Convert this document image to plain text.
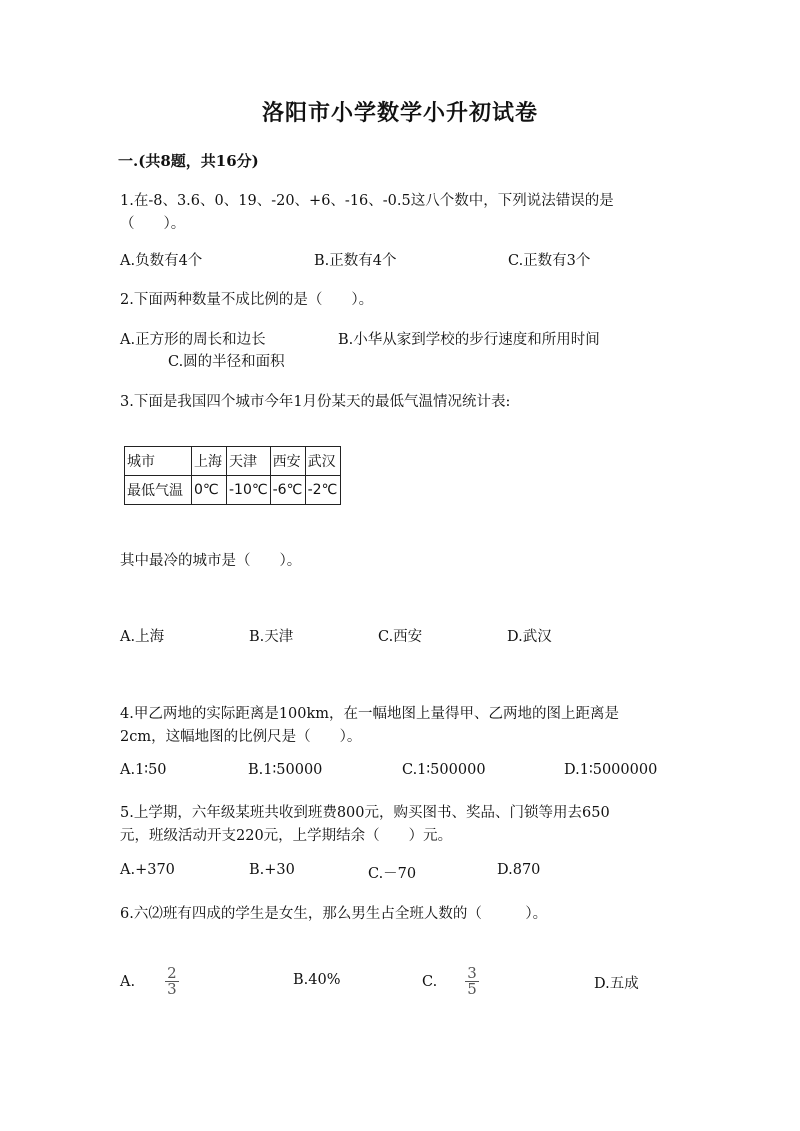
洛阳市小学数学小升初试卷
一.(共8题，共16分)
1.在-8、3.6、0、19、-20、+6、-16、-0.5这八个数中，下列说法错误的是
（　　）。
A.负数有4个	B.正数有4个	C.正数有3个
2.下面两种数量不成比例的是（　　）。
A.正方形的周长和边长	B.小华从家到学校的步行速度和所用时间
C.圆的半径和面积
3.下面是我国四个城市今年1月份某天的最低气温情况统计表:
城市	上海	天津	西安	武汉
最低气温	0℃	-10℃	-6℃	-2℃
其中最冷的城市是（　　）。
A.上海	B.天津	C.西安	D.武汉
4.甲乙两地的实际距离是100km，在一幅地图上量得甲、乙两地的图上距离是
2cm，这幅地图的比例尺是（　　）。
A.1∶50	B.1∶50000	C.1∶500000	D.1∶5000000
5.上学期，六年级某班共收到班费800元，购买图书、奖品、门锁等用去650
元，班级活动开支220元，上学期结余（　　）元。
A.+370	B.+30	C.－70	D.870
6.六⑵班有四成的学生是女生，那么男生占全班人数的（　　　）。
A. $\frac{2}{3}$	B.40%	C. $\frac{3}{5}$	D.五成
